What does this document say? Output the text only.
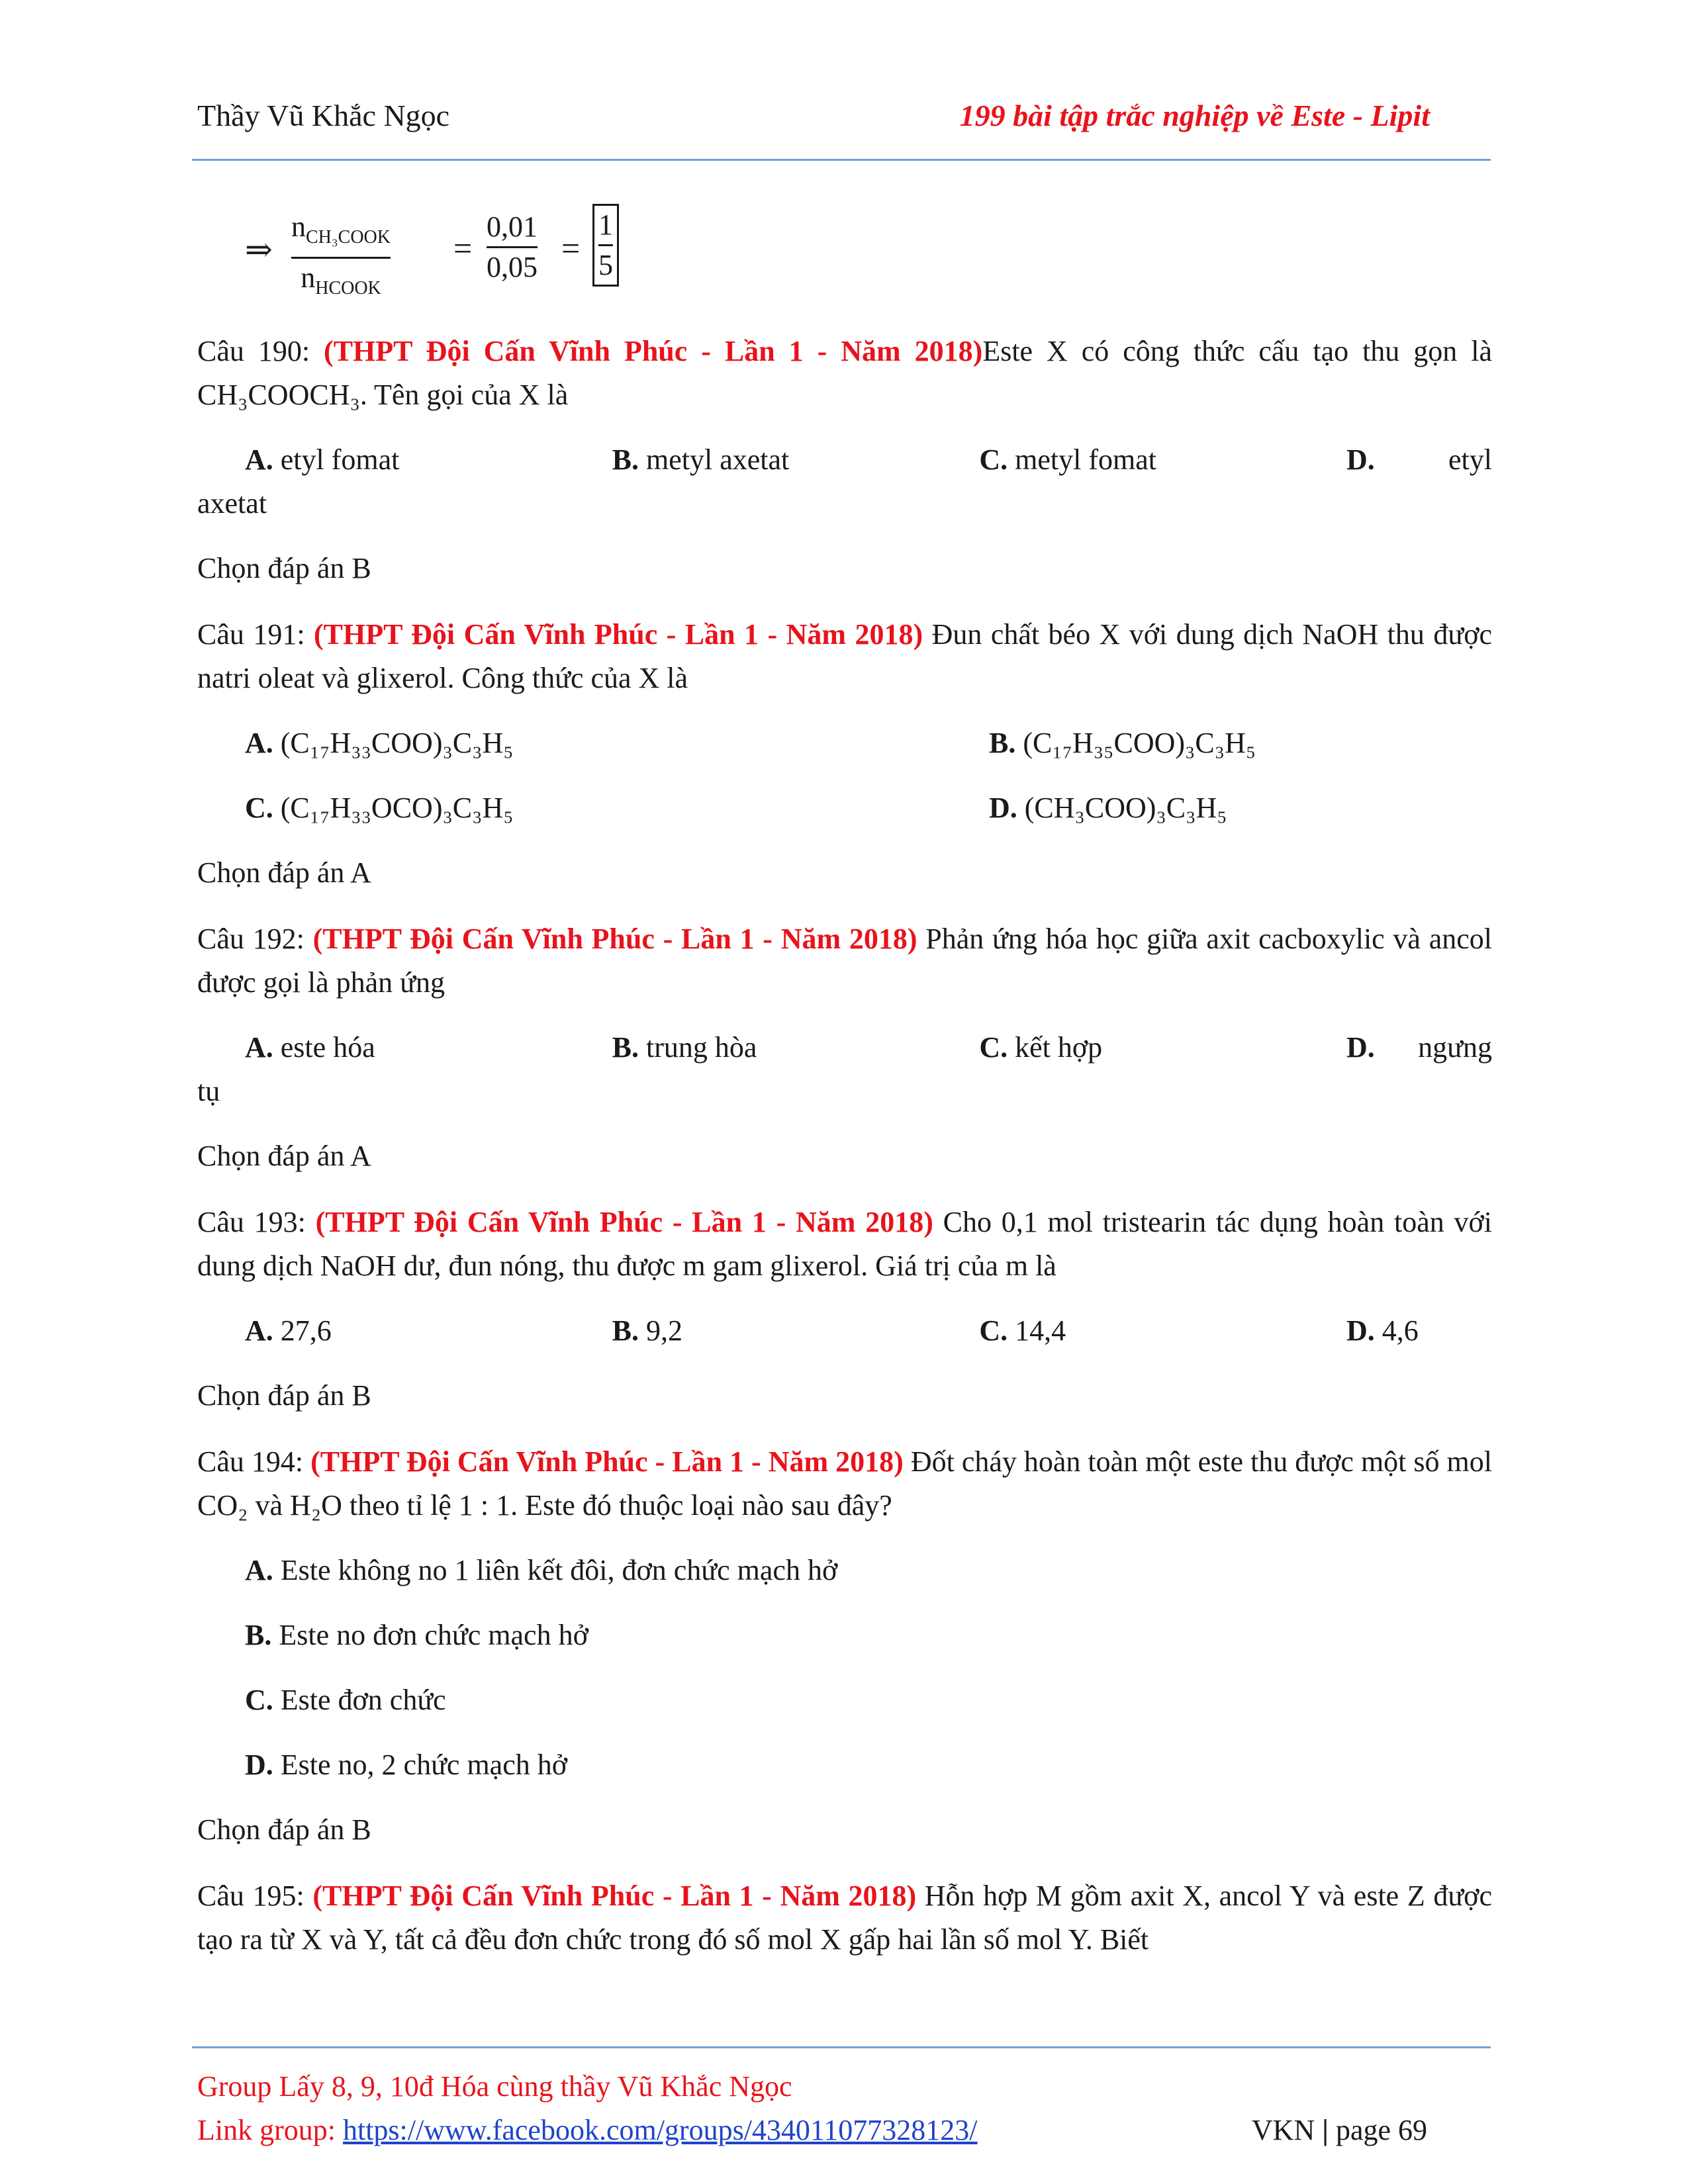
Thầy Vũ Khắc Ngọc	199 bài tập trắc nghiệp về Este - Lipit
⇒
$n_{CH_3COOK}$
$n_{HCOOK}$
=
0,01
0,05
=
1
5

Câu 190: (THPT Đội Cấn Vĩnh Phúc - Lần 1 - Năm 2018)Este X có công thức cấu tạo thu gọn là CH₃COOCH₃. Tên gọi của X là

A. etyl fomat	B. metyl axetat	C. metyl fomat	D.	etyl

axetat

Chọn đáp án B

Câu 191: (THPT Đội Cấn Vĩnh Phúc - Lần 1 - Năm 2018) Đun chất béo X với dung dịch NaOH thu được natri oleat và glixerol. Công thức của X là

A. (C₁₇H₃₃COO)₃C₃H₅	B. (C₁₇H₃₅COO)₃C₃H₅
C. (C₁₇H₃₃OCO)₃C₃H₅	D. (CH₃COO)₃C₃H₅

Chọn đáp án A

Câu 192: (THPT Đội Cấn Vĩnh Phúc - Lần 1 - Năm 2018) Phản ứng hóa học giữa axit cacboxylic và ancol được gọi là phản ứng

A. este hóa	B. trung hòa	C. kết hợp	D. ngưng

tụ

Chọn đáp án A

Câu 193: (THPT Đội Cấn Vĩnh Phúc - Lần 1 - Năm 2018) Cho 0,1 mol tristearin tác dụng hoàn toàn với dung dịch NaOH dư, đun nóng, thu được m gam glixerol. Giá trị của m là

A. 27,6	B. 9,2	C. 14,4	D. 4,6

Chọn đáp án B

Câu 194: (THPT Đội Cấn Vĩnh Phúc - Lần 1 - Năm 2018) Đốt cháy hoàn toàn một este thu được một số mol CO₂ và H₂O theo tỉ lệ 1 : 1. Este đó thuộc loại nào sau đây?

A. Este không no 1 liên kết đôi, đơn chức mạch hở
B. Este no đơn chức mạch hở
C. Este đơn chức
D. Este no, 2 chức mạch hở

Chọn đáp án B

Câu 195: (THPT Đội Cấn Vĩnh Phúc - Lần 1 - Năm 2018) Hỗn hợp M gồm axit X, ancol Y và este Z được tạo ra từ X và Y, tất cả đều đơn chức trong đó số mol X gấp hai lần số mol Y. Biết

Group Lấy 8, 9, 10đ Hóa cùng thầy Vũ Khắc Ngọc
Link group: https://www.facebook.com/groups/434011077328123/	VKN | page 69
